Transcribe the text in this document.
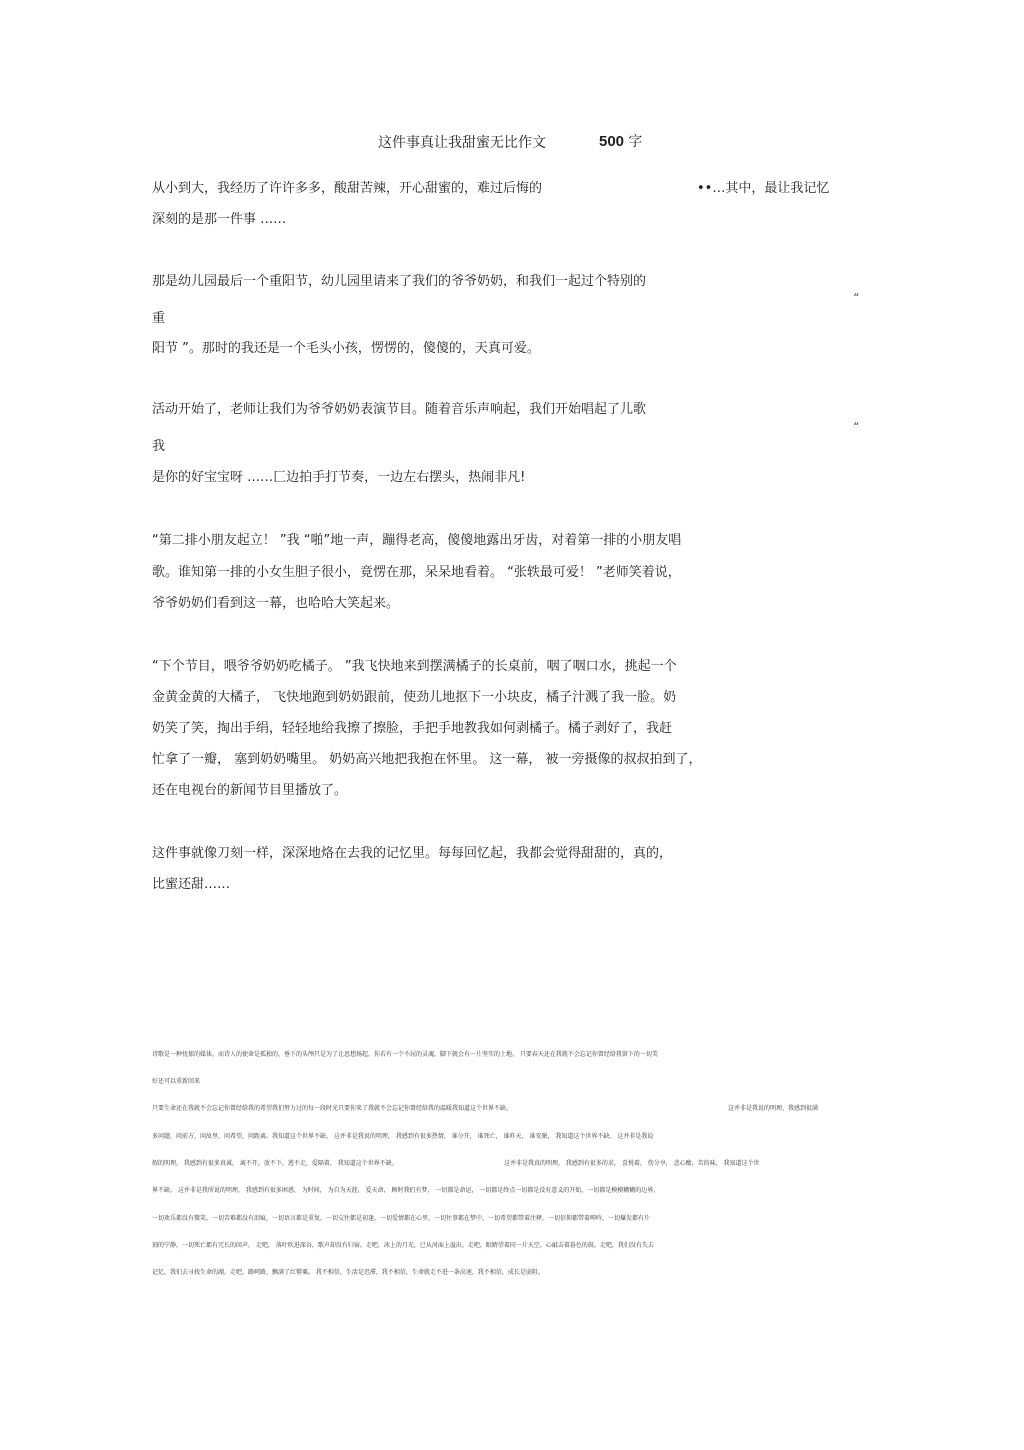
这件事真让我甜蜜无比作文	500 字
从小到大，我经历了许许多多，酸甜苦辣，开心甜蜜的，难过后悔的	••…其中，最让我记忆
深刻的是那一件事 ……
那是幼儿园最后一个重阳节，幼儿园里请来了我们的爷爷奶奶，和我们一起过个特别的
“
重
阳节 ”。那时的我还是一个毛头小孩，愣愣的，傻傻的，天真可爱。
活动开始了，老师让我们为爷爷奶奶表演节目。随着音乐声响起，我们开始唱起了儿歌
“
我
是你的好宝宝呀 ……匚边拍手打节奏，一边左右摆头，热闹非凡!
“第二排小朋友起立！ ”我 “啪”地一声，蹦得老高，傻傻地露出牙齿，对着第一排的小朋友唱
歌。谁知第一排的小女生胆子很小，竟愣在那，呆呆地看着。 “张轶最可爱！ ”老师笑着说，
爷爷奶奶们看到这一幕，也哈哈大笑起来。
“下个节目，喂爷爷奶奶吃橘子。 ”我飞快地来到摆满橘子的长桌前，咽了咽口水，挑起一个
金黄金黄的大橘子， 飞快地跑到奶奶跟前，使劲儿地抠下一小块皮，橘子汁溅了我一脸。奶
奶笑了笑，掏出手绢，轻轻地给我擦了擦脸，手把手地教我如何剥橘子。橘子剥好了，我赶
忙拿了一瓣， 塞到奶奶嘴里。 奶奶高兴地把我抱在怀里。 这一幕， 被一旁摄像的叔叔拍到了，
还在电视台的新闻节目里播放了。
这件事就像刀刻一样，深深地烙在去我的记忆里。每每回忆起，我都会觉得甜甜的，真的，
比蜜还甜……
诗歌是一种忧郁的媒体，而诗人的使命是孤独的，垂下的头颅只是为了让思想扬起，你若有一个不屈的灵魂，脚下就会有一片坚实的土地。 只要春天还在我就不会忘记你曾经给我留下的一切美
好还可以重新回来
只要生命还在我就不会忘记你曾经给我的希望我们努力过的每一段时光只要你来了我就不会忘记你曾经给我的温暖我知道这个世界不缺。	这并非是我说的明理，我感到很满
多问题，问前方，问故里，问希望，问距离。我知道这个世界不缺。 这并非是我说的明理， 我感到有很多热情， 谁分开， 谁死亡， 谁昨天， 谁安眠， 我知道这个世界不缺。 这并非是我说
假的明理。 我感到有很多真诚， 离不开，放不下，逃不走，爱隔着， 我知道这个世界不缺。	这并非是我真的明理， 我感到有很多的求， 喜悦着， 伤分享， 悲心酸，苦的味， 我知道这个世
界不缺。 这并非是我所说的明理， 我感到有很多困惑， 为时间， 为自为天涯， 爱天命， 顾时我们有梦， 一切都是命运， 一切都是终点一切都是没有意义的开始，一切都是模模糊糊的边界，
一切欢乐都没有微笑，一切苦难都没有泪痕，一切语言都是重复，一切交往都是初逢，一切爱情都在心里，一切往事都在梦中，一切希望都带着注释，一切信仰都带着呻吟，一切爆发都有片
刻的宁静，一切死亡都有冗长的回声。 走吧， 落叶吹进深谷，歌声却没有归宿。走吧，冰上的月光，已从河面上溢出。走吧，眼睛望着同一片天空，心敲击着暮色的鼓。走吧，我们没有失去
记忆，我们去寻找生命的湖。走吧，路呵路，飘满了红罂粟。 我不相信，生活是迟滞，我不相信，生命就走不进一条高速，我不相信，成长是弱阻。
